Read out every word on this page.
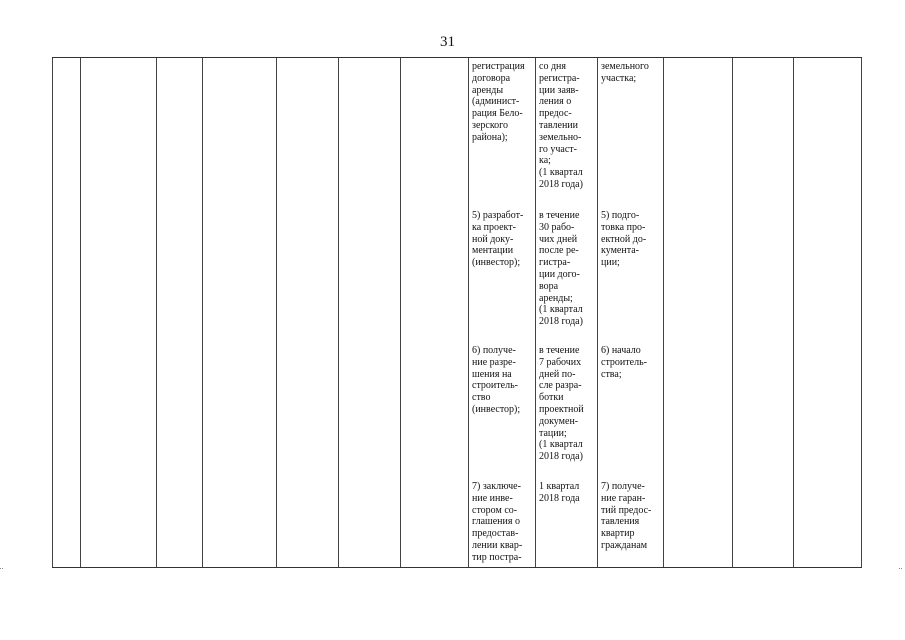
31
регистрация
договора
аренды
(админист-
рация Бело-
зерского
района);
со дня
регистра-
ции заяв-
ления о
предос-
тавлении
земельно-
го участ-
ка;
(1 квартал
2018 года)
земельного
участка;
5) разработ-
ка проект-
ной доку-
ментации
(инвестор);
в течение
30 рабо-
чих дней
после ре-
гистра-
ции дого-
вора
аренды;
(1 квартал
2018 года)
5) подго-
товка про-
ектной до-
кумента-
ции;
6) получе-
ние разре-
шения на
строитель-
ство
(инвестор);
в течение
7 рабочих
дней по-
сле разра-
ботки
проектной
докумен-
тации;
(1 квартал
2018 года)
6) начало
строитель-
ства;
7) заключе-
ние инве-
стором со-
глашения о
предостав-
лении квар-
тир постра-
1 квартал
2018 года
7) получе-
ние гаран-
тий предос-
тавления
квартир
гражданам
